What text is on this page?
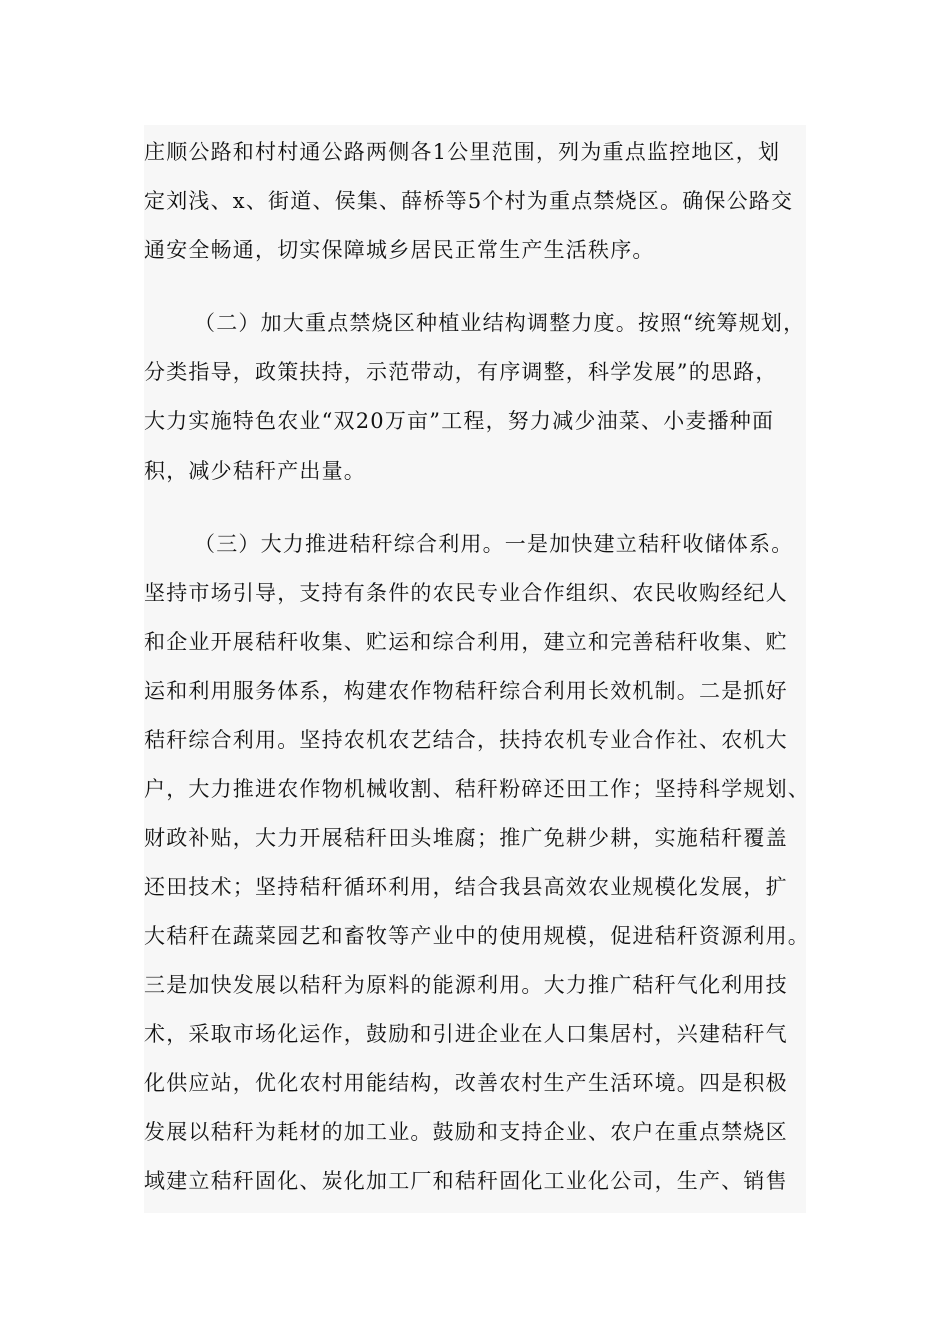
庄顺公路和村村通公路两侧各1公里范围，列为重点监控地区，划
定刘浅、x、街道、侯集、薛桥等5个村为重点禁烧区。确保公路交
通安全畅通，切实保障城乡居民正常生产生活秩序。
（二）加大重点禁烧区种植业结构调整力度。按照“统筹规划，
分类指导，政策扶持，示范带动，有序调整，科学发展”的思路，
大力实施特色农业“双20万亩”工程，努力减少油菜、小麦播种面
积，减少秸秆产出量。
（三）大力推进秸秆综合利用。一是加快建立秸秆收储体系。
坚持市场引导，支持有条件的农民专业合作组织、农民收购经纪人
和企业开展秸秆收集、贮运和综合利用，建立和完善秸秆收集、贮
运和利用服务体系，构建农作物秸秆综合利用长效机制。二是抓好
秸秆综合利用。坚持农机农艺结合，扶持农机专业合作社、农机大
户，大力推进农作物机械收割、秸秆粉碎还田工作；坚持科学规划、
财政补贴，大力开展秸秆田头堆腐；推广免耕少耕，实施秸秆覆盖
还田技术；坚持秸秆循环利用，结合我县高效农业规模化发展，扩
大秸秆在蔬菜园艺和畜牧等产业中的使用规模，促进秸秆资源利用。
三是加快发展以秸秆为原料的能源利用。大力推广秸秆气化利用技
术，采取市场化运作，鼓励和引进企业在人口集居村，兴建秸秆气
化供应站，优化农村用能结构，改善农村生产生活环境。四是积极
发展以秸秆为耗材的加工业。鼓励和支持企业、农户在重点禁烧区
域建立秸秆固化、炭化加工厂和秸秆固化工业化公司，生产、销售
